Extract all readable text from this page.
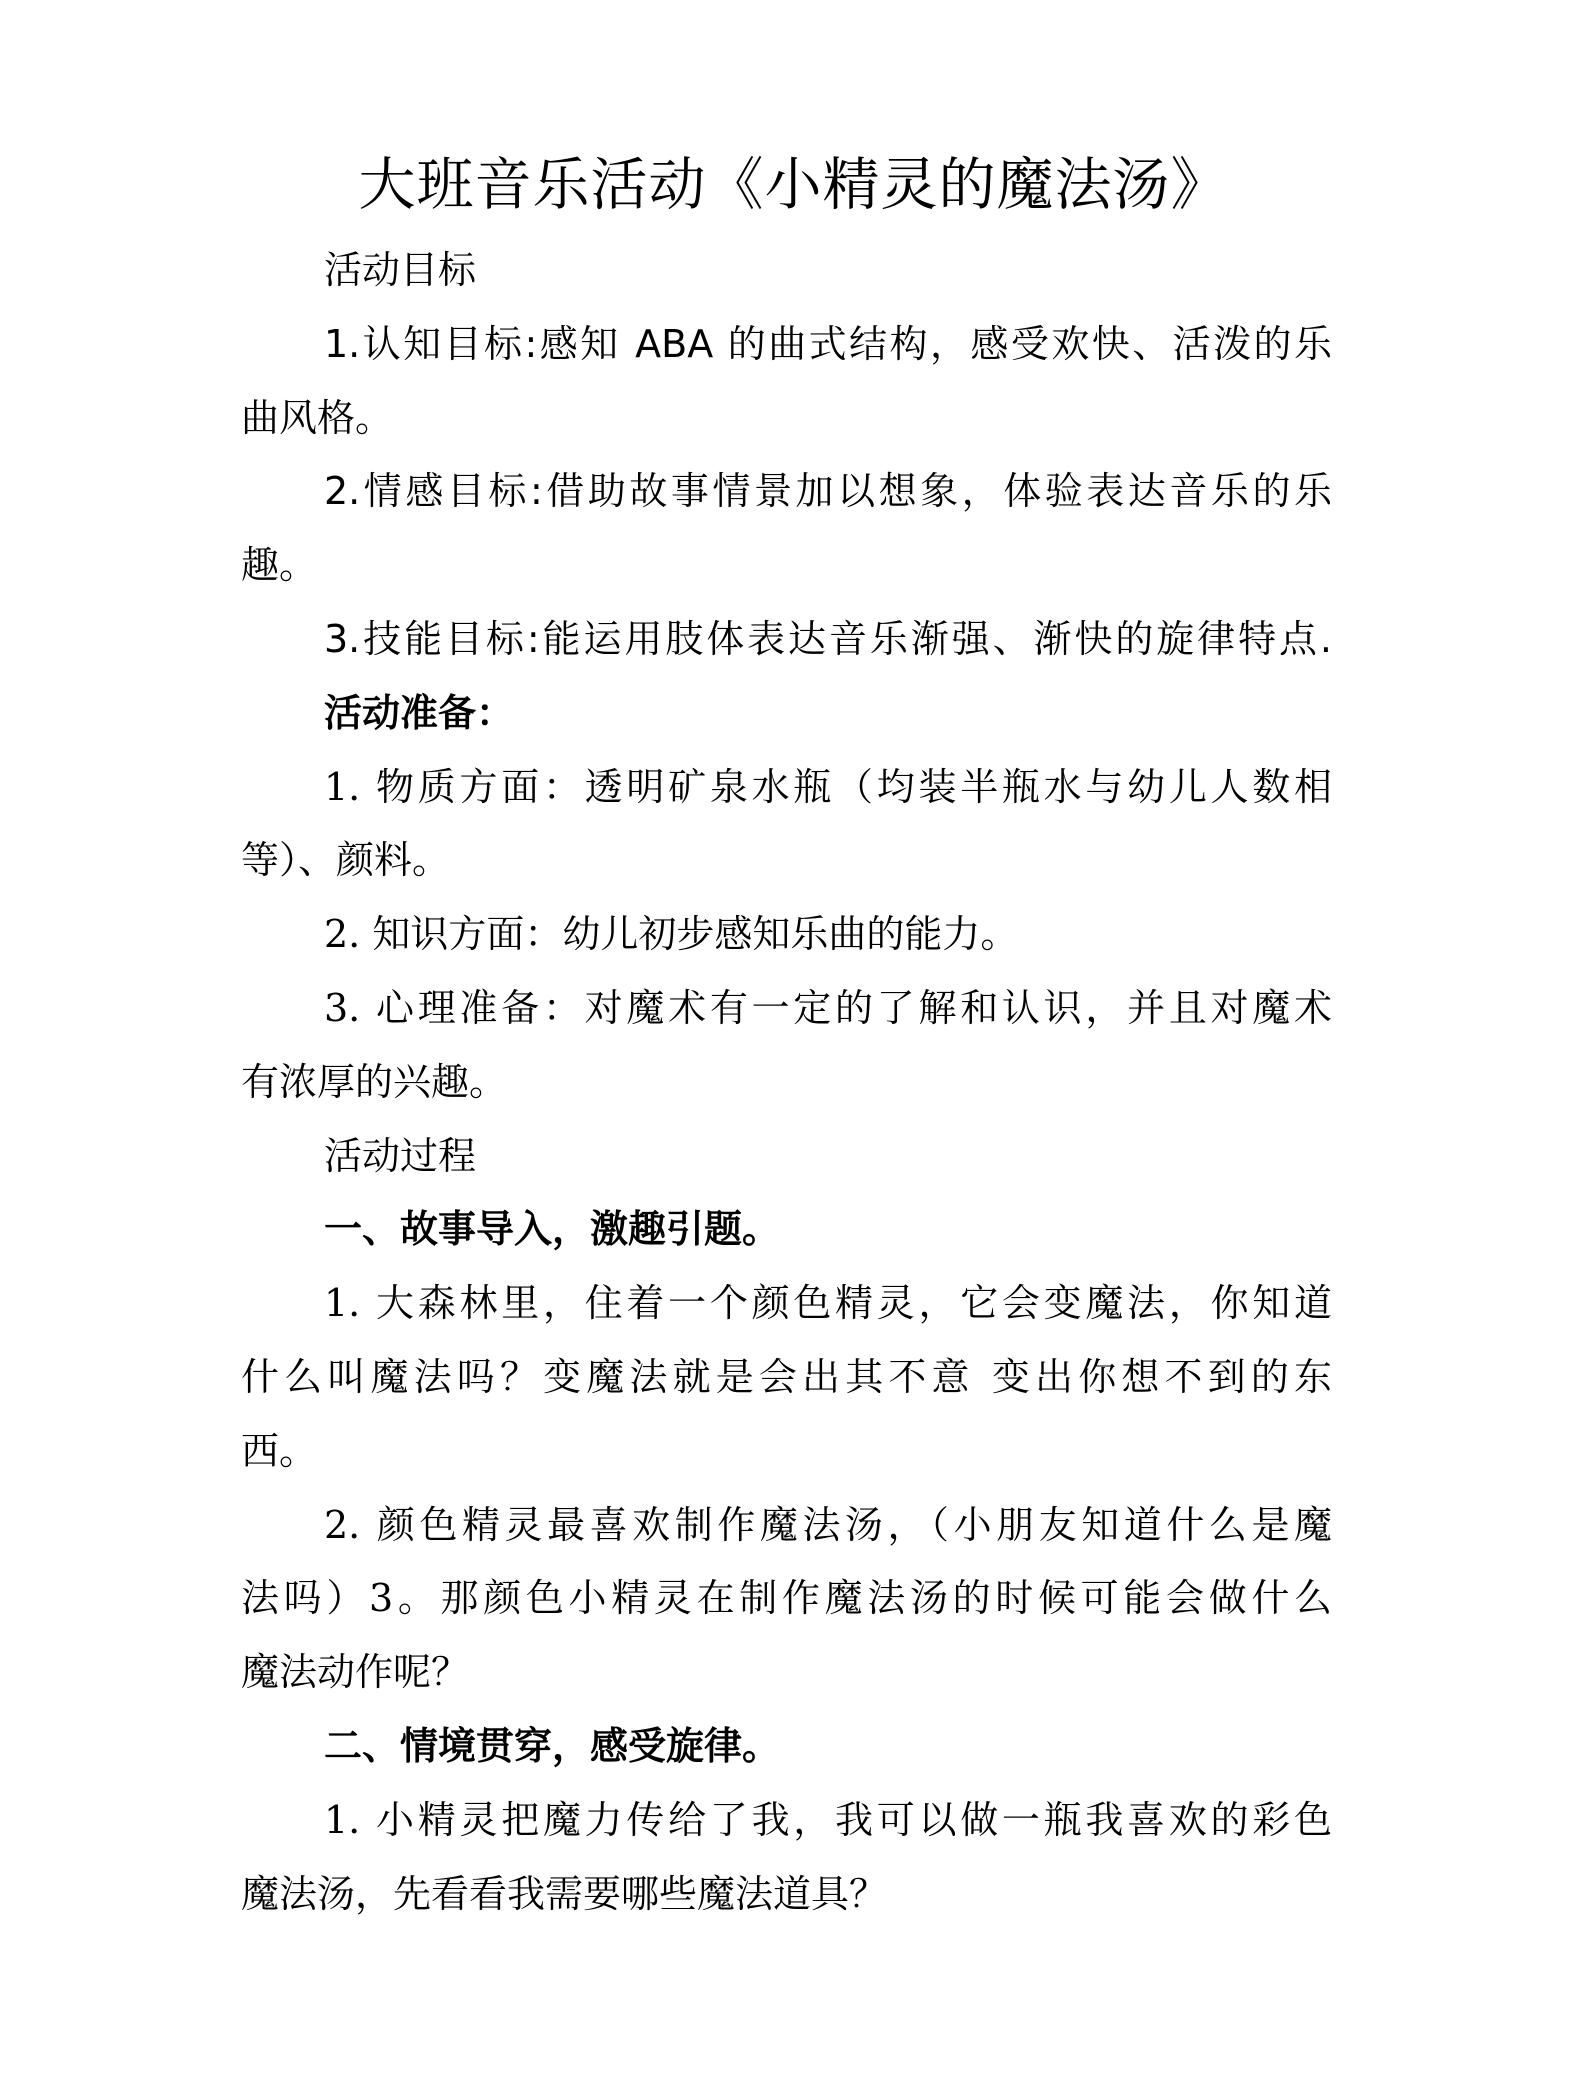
大班音乐活动《小精灵的魔法汤》
活动目标
1.认知目标:感知 ABA 的曲式结构，感受欢快、活泼的乐
曲风格。
2.情感目标:借助故事情景加以想象，体验表达音乐的乐
趣。
3.技能目标:能运用肢体表达音乐渐强、渐快的旋律特点.
活动准备：
1. 物质方面：透明矿泉水瓶（均装半瓶水与幼儿人数相
等）、颜料。
2. 知识方面：幼儿初步感知乐曲的能力。
3. 心理准备：对魔术有一定的了解和认识，并且对魔术
有浓厚的兴趣。
活动过程
一、故事导入，激趣引题。
1. 大森林里，住着一个颜色精灵，它会变魔法，你知道
什么叫魔法吗？变魔法就是会出其不意 变出你想不到的东
西。
2. 颜色精灵最喜欢制作魔法汤，（小朋友知道什么是魔
法吗）3。那颜色小精灵在制作魔法汤的时候可能会做什么
魔法动作呢？
二、情境贯穿，感受旋律。
1. 小精灵把魔力传给了我，我可以做一瓶我喜欢的彩色
魔法汤，先看看我需要哪些魔法道具？
